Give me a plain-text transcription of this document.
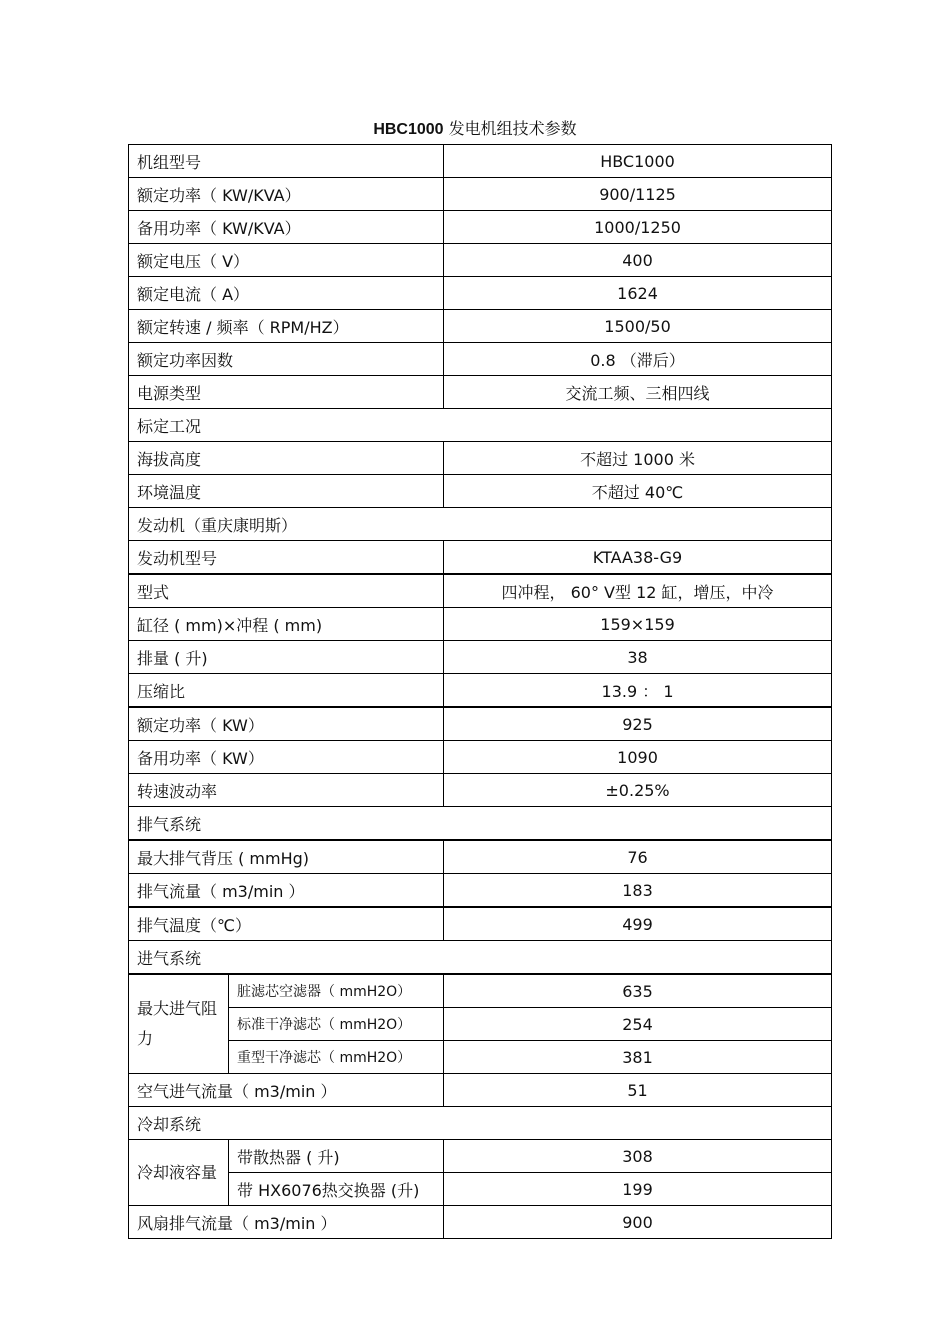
HBC1000 发电机组技术参数
机组型号		HBC1000
额定功率（ KW/KVA）		900/1125
备用功率（ KW/KVA）		1000/1250
额定电压（ V）		400
额定电流（ A）		1624
额定转速 / 频率（ RPM/HZ）		1500/50
额定功率因数		0.8 （滞后）
电源类型		交流工频、三相四线
标定工况		
海拔高度		不超过 1000 米
环境温度		不超过 40℃
发动机（重庆康明斯）		
发动机型号		KTAA38-G9
型式		四冲程， 60° V型 12 缸，增压，中冷
缸径 ( mm)×冲程 ( mm)		159×159
排量 ( 升)		38
压缩比		13.9 ： 1
额定功率（ KW）		925
备用功率（ KW）		1090
转速波动率		±0.25%
排气系统		
最大排气背压 ( mmHg)		76
排气流量（ m3/min ）		183
排气温度（℃）		499
进气系统		
最大进气阻力	脏滤芯空滤器（ mmH2O）	635
	标准干净滤芯（ mmH2O）	254
	重型干净滤芯（ mmH2O）	381
空气进气流量（ m3/min ）		51
冷却系统		
冷却液容量	带散热器 ( 升)	308
	带 HX6076热交换器 (升)	199
风扇排气流量（ m3/min ）		900
